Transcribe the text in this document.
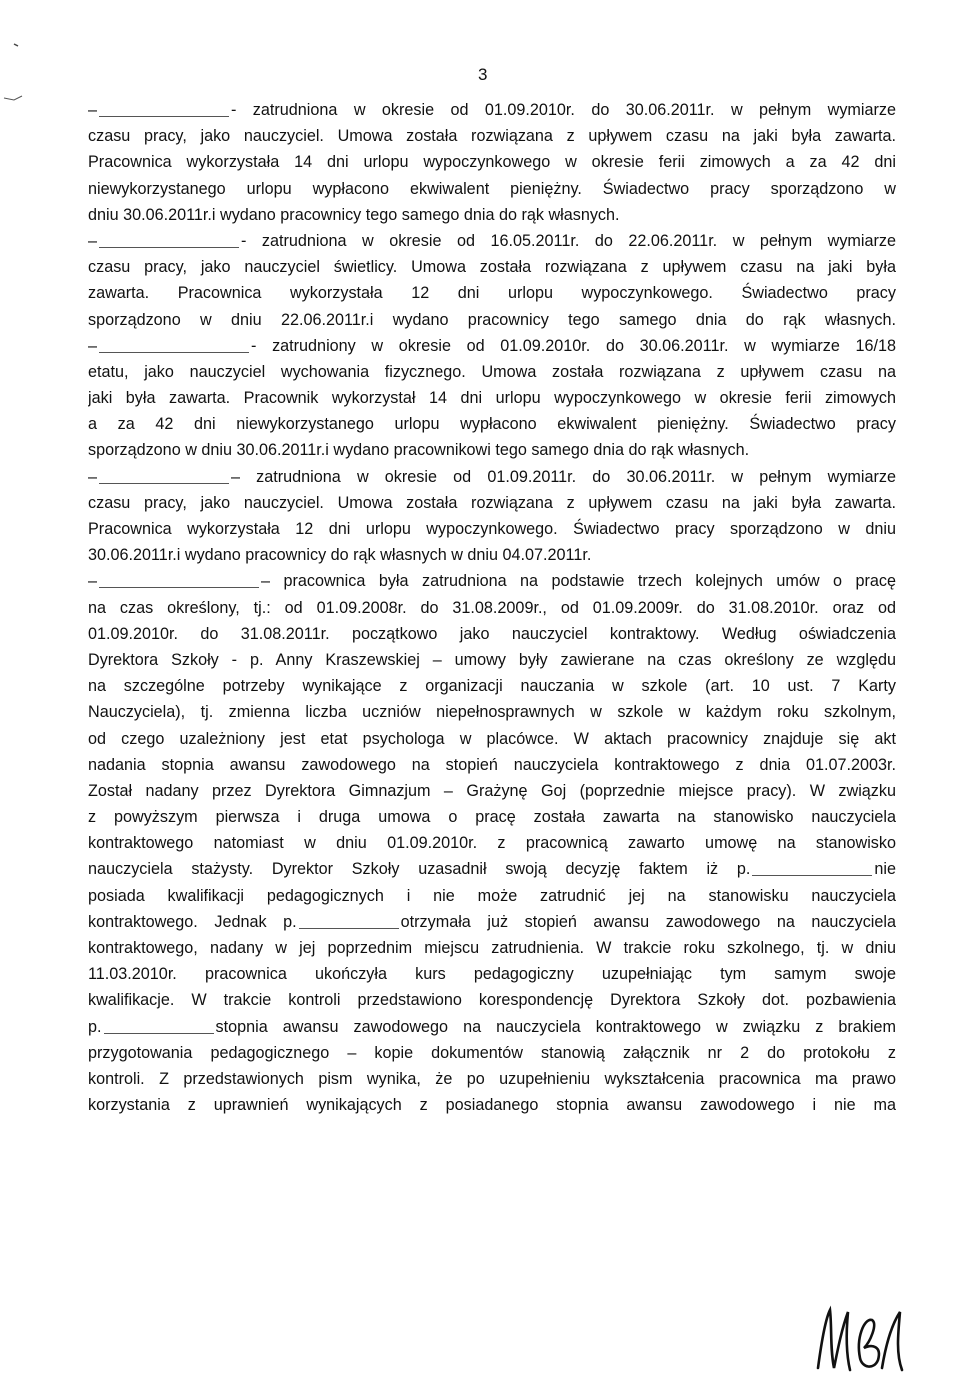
3
–	- zatrudniona w okresie od 01.09.2010r. do 30.06.2011r. w pełnym wymiarze
czasu pracy, jako nauczyciel. Umowa została rozwiązana z upływem czasu na jaki była zawarta.
Pracownica wykorzystała 14 dni urlopu wypoczynkowego w okresie ferii zimowych a za 42 dni
niewykorzystanego urlopu wypłacono ekwiwalent pieniężny. Świadectwo pracy sporządzono w
dniu 30.06.2011r.i wydano pracownicy tego samego dnia do rąk własnych.
–	- zatrudniona w okresie od 16.05.2011r. do 22.06.2011r. w pełnym wymiarze
czasu pracy, jako nauczyciel świetlicy. Umowa została rozwiązana z upływem czasu na jaki była
zawarta. Pracownica wykorzystała 12 dni urlopu wypoczynkowego. Świadectwo pracy
sporządzono w dniu 22.06.2011r.i wydano pracownicy tego samego dnia do rąk własnych.
–	- zatrudniony w okresie od 01.09.2010r. do 30.06.2011r. w wymiarze 16/18
etatu, jako nauczyciel wychowania fizycznego. Umowa została rozwiązana z upływem czasu na
jaki była zawarta. Pracownik wykorzystał 14 dni urlopu wypoczynkowego w okresie ferii zimowych
a za 42 dni niewykorzystanego urlopu wypłacono ekwiwalent pieniężny. Świadectwo pracy
sporządzono w dniu 30.06.2011r.i wydano pracownikowi tego samego dnia do rąk własnych.
–	– zatrudniona w okresie od 01.09.2011r. do 30.06.2011r. w pełnym wymiarze
czasu pracy, jako nauczyciel. Umowa została rozwiązana z upływem czasu na jaki była zawarta.
Pracownica wykorzystała 12 dni urlopu wypoczynkowego. Świadectwo pracy sporządzono w dniu
30.06.2011r.i wydano pracownicy do rąk własnych w dniu 04.07.2011r.
–	– pracownica była zatrudniona na podstawie trzech kolejnych umów o pracę
na czas określony, tj.: od 01.09.2008r. do 31.08.2009r., od 01.09.2009r. do 31.08.2010r. oraz od
01.09.2010r. do 31.08.2011r. początkowo jako nauczyciel kontraktowy. Według oświadczenia
Dyrektora Szkoły - p. Anny Kraszewskiej – umowy były zawierane na czas określony ze względu
na szczególne potrzeby wynikające z organizacji nauczania w szkole (art. 10 ust. 7 Karty
Nauczyciela), tj. zmienna liczba uczniów niepełnosprawnych w szkole w każdym roku szkolnym,
od czego uzależniony jest etat psychologa w placówce. W aktach pracownicy znajduje się akt
nadania stopnia awansu zawodowego na stopień nauczyciela kontraktowego z dnia 01.07.2003r.
Został nadany przez Dyrektora Gimnazjum – Grażynę Goj (poprzednie miejsce pracy). W związku
z powyższym pierwsza i druga umowa o pracę została zawarta na stanowisko nauczyciela
kontraktowego natomiast w dniu 01.09.2010r. z pracownicą zawarto umowę na stanowisko
nauczyciela stażysty. Dyrektor Szkoły uzasadnił swoją decyzję faktem iż p.	nie
posiada kwalifikacji pedagogicznych i nie może zatrudnić jej na stanowisku nauczyciela
kontraktowego. Jednak p.	otrzymała już stopień awansu zawodowego na nauczyciela
kontraktowego, nadany w jej poprzednim miejscu zatrudnienia. W trakcie roku szkolnego, tj. w dniu
11.03.2010r. pracownica ukończyła kurs pedagogiczny uzupełniając tym samym swoje
kwalifikacje. W trakcie kontroli przedstawiono korespondencję Dyrektora Szkoły dot. pozbawienia
p.	stopnia awansu zawodowego na nauczyciela kontraktowego w związku z brakiem
przygotowania pedagogicznego – kopie dokumentów stanowią załącznik nr 2 do protokołu z
kontroli. Z przedstawionych pism wynika, że po uzupełnieniu wykształcenia pracownica ma prawo
korzystania z uprawnień wynikających z posiadanego stopnia awansu zawodowego i nie ma
